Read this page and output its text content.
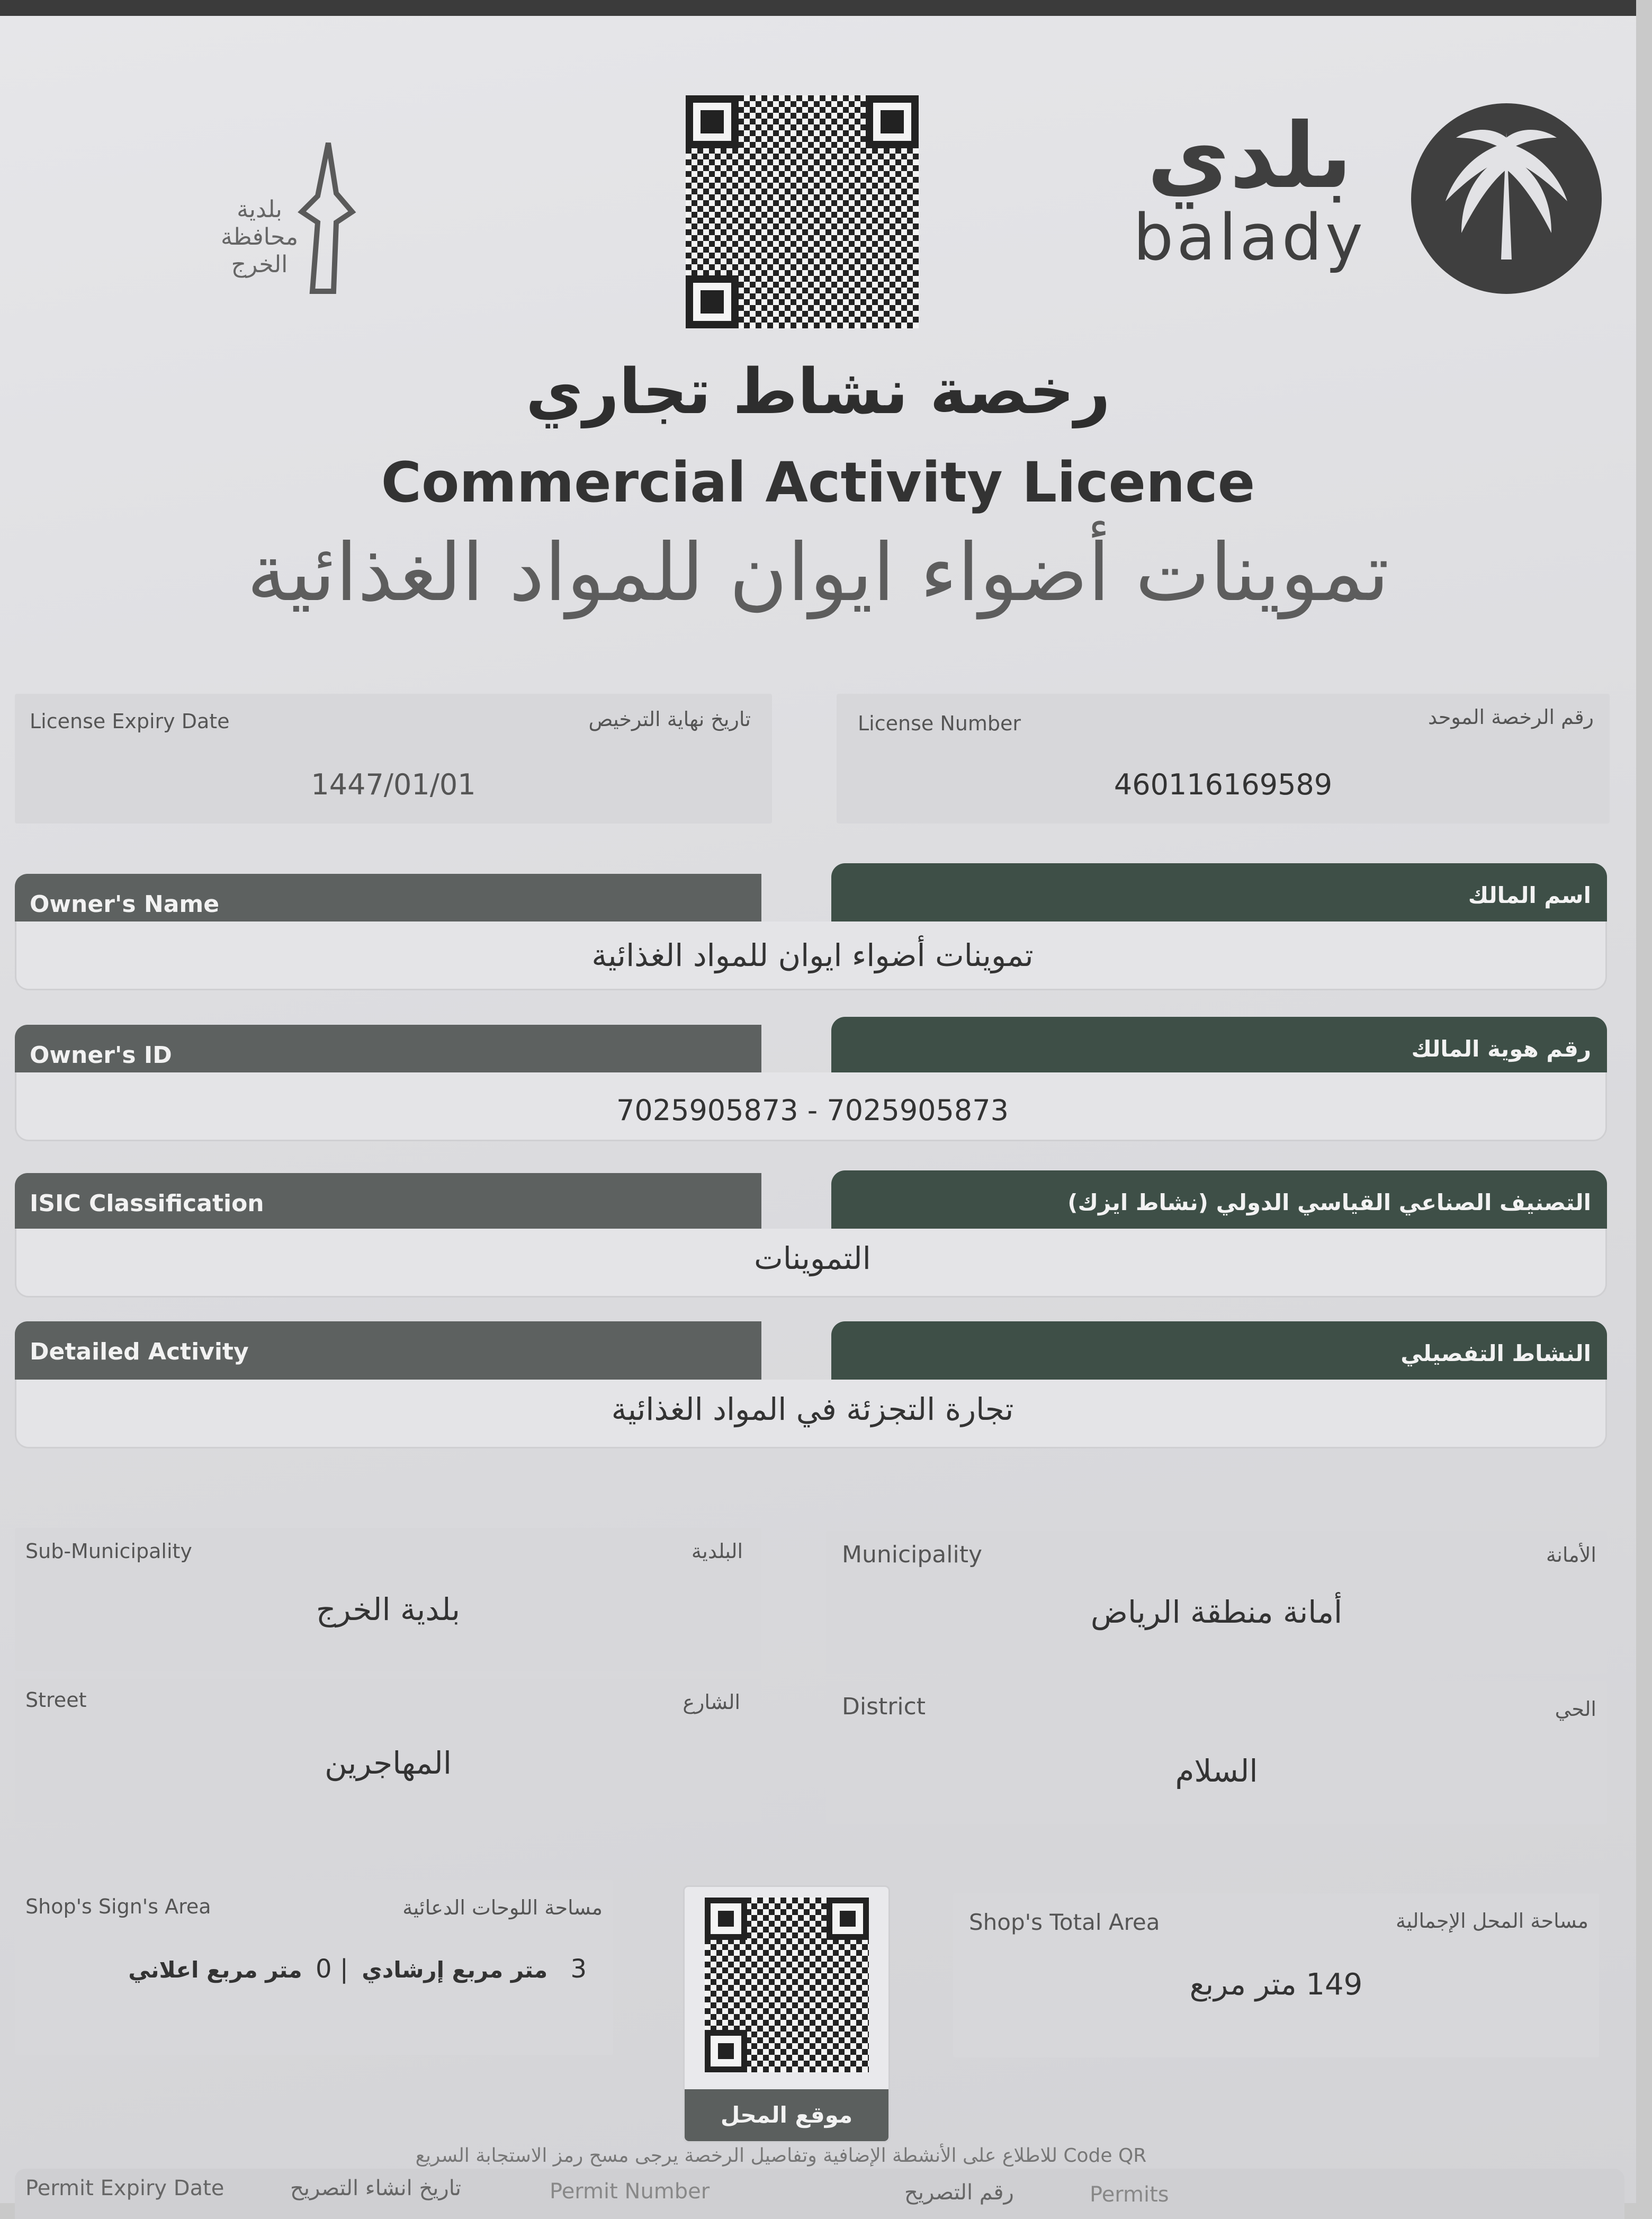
بلدية
محافظة
الخرج
بلدي
balady
رخصة نشاط تجاري
Commercial Activity Licence
تموينات أضواء ايوان للمواد الغذائية
License Expiry Date	تاريخ نهاية الترخيص
1447/01/01
License Number	رقم الرخصة الموحد
460116169589
Owner's Name	اسم المالك
تموينات أضواء ايوان للمواد الغذائية
Owner's ID	رقم هوية المالك
7025905873 - 7025905873
ISIC Classification	التصنيف الصناعي القياسي الدولي (نشاط ايزك)
التموينات
Detailed Activity	النشاط التفصيلي
تجارة التجزئة في المواد الغذائية
Sub-Municipality	البلدية
بلدية الخرج
Municipality	الأمانة
أمانة منطقة الرياض
Street	الشارع
المهاجرين
District	الحي
السلام
Shop's Sign's Area	مساحة اللوحات الدعائية
3 متر مربع إرشادي | 0 متر مربع اعلاني
موقع المحل
Shop's Total Area	مساحة المحل الإجمالية
149 متر مربع
Code QR للاطلاع على الأنشطة الإضافية وتفاصيل الرخصة يرجى مسح رمز الاستجابة السريع
Permit Expiry Date	تاريخ انشاء التصريح	Permit Number	رقم التصريح	Permits
